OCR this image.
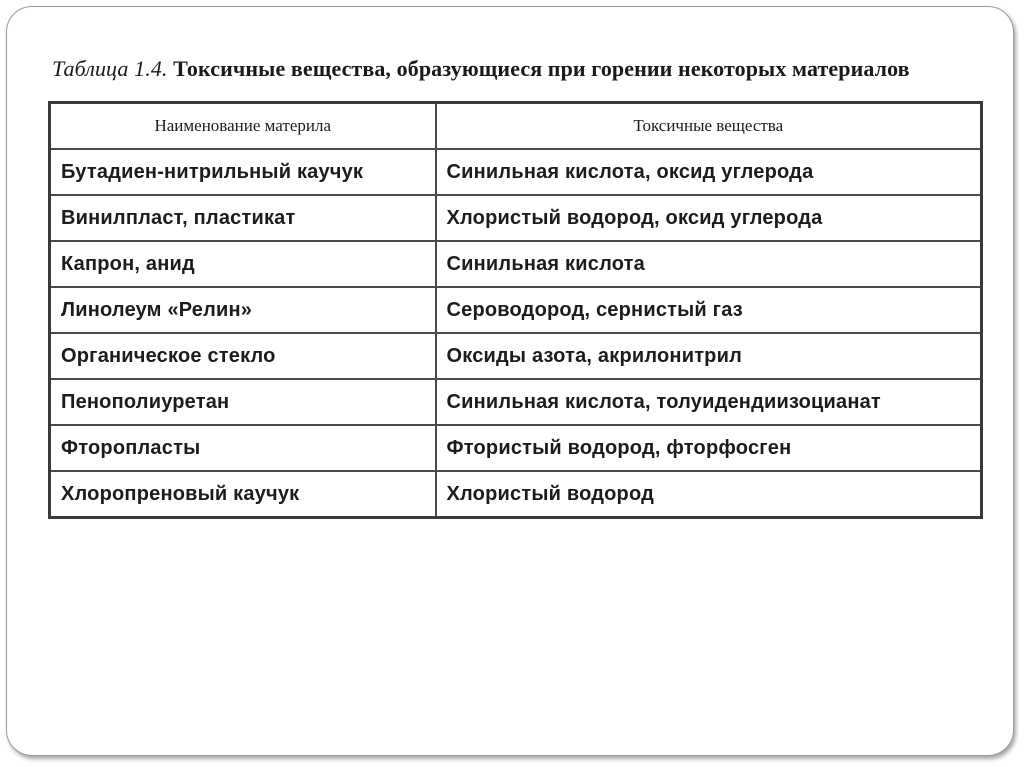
Таблица 1.4. Токсичные вещества, образующиеся при горении некоторых материалов
Наименование материла	Токсичные вещества
Бутадиен-нитрильный каучук	Синильная кислота, оксид углерода
Винилпласт, пластикат	Хлористый водород, оксид углерода
Капрон, анид	Синильная кислота
Линолеум «Релин»	Сероводород, сернистый газ
Органическое стекло	Оксиды азота, акрилонитрил
Пенополиуретан	Синильная кислота, толуидендиизоцианат
Фторопласты	Фтористый водород, фторфосген
Хлоропреновый каучук	Хлористый водород
